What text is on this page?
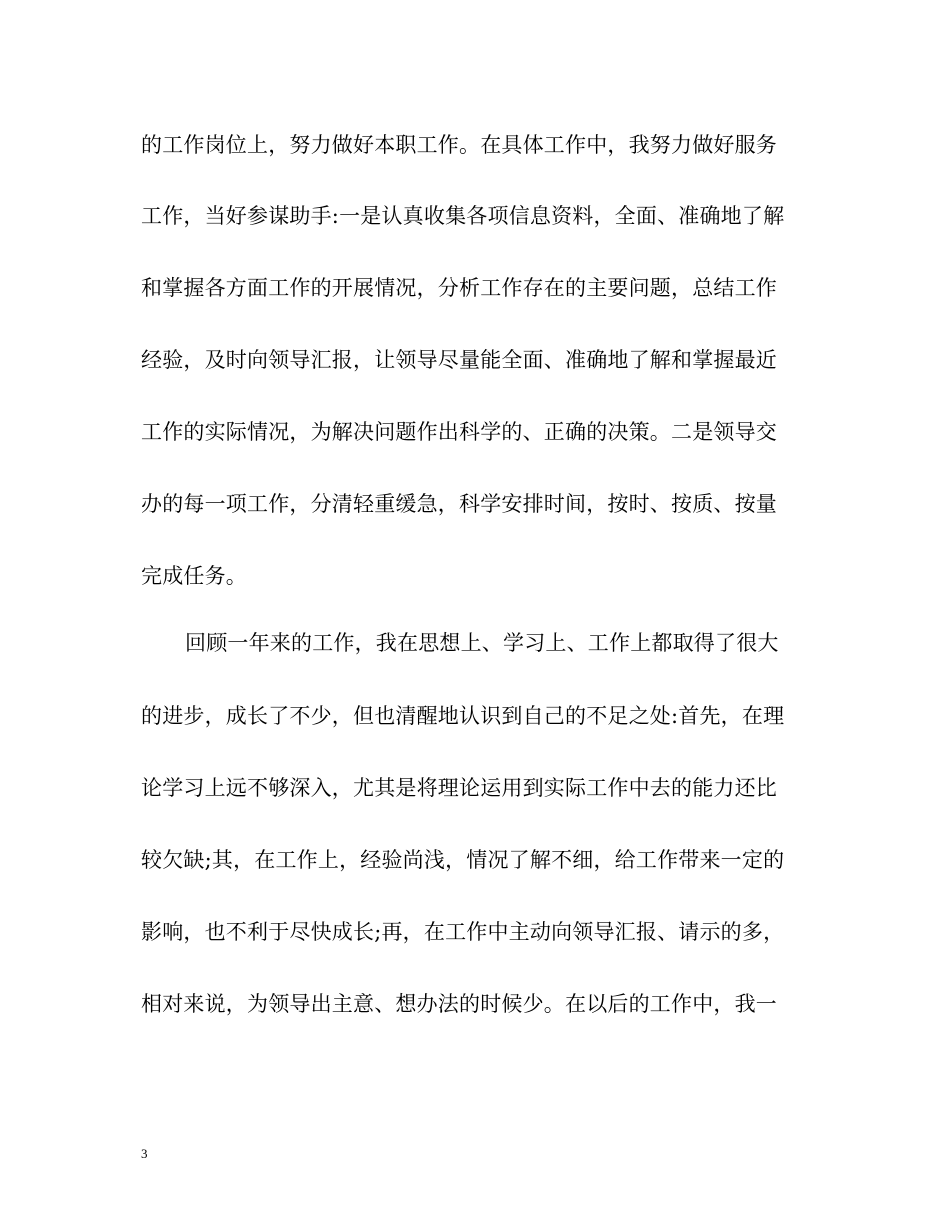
的工作岗位上，努力做好本职工作。在具体工作中，我努力做好服务
工作，当好参谋助手:一是认真收集各项信息资料，全面、准确地了解
和掌握各方面工作的开展情况，分析工作存在的主要问题，总结工作
经验，及时向领导汇报，让领导尽量能全面、准确地了解和掌握最近
工作的实际情况，为解决问题作出科学的、正确的决策。二是领导交
办的每一项工作，分清轻重缓急，科学安排时间，按时、按质、按量
完成任务。
回顾一年来的工作，我在思想上、学习上、工作上都取得了很大
的进步，成长了不少，但也清醒地认识到自己的不足之处:首先，在理
论学习上远不够深入，尤其是将理论运用到实际工作中去的能力还比
较欠缺;其，在工作上，经验尚浅，情况了解不细，给工作带来一定的
影响，也不利于尽快成长;再，在工作中主动向领导汇报、请示的多，
相对来说，为领导出主意、想办法的时候少。在以后的工作中，我一
3
